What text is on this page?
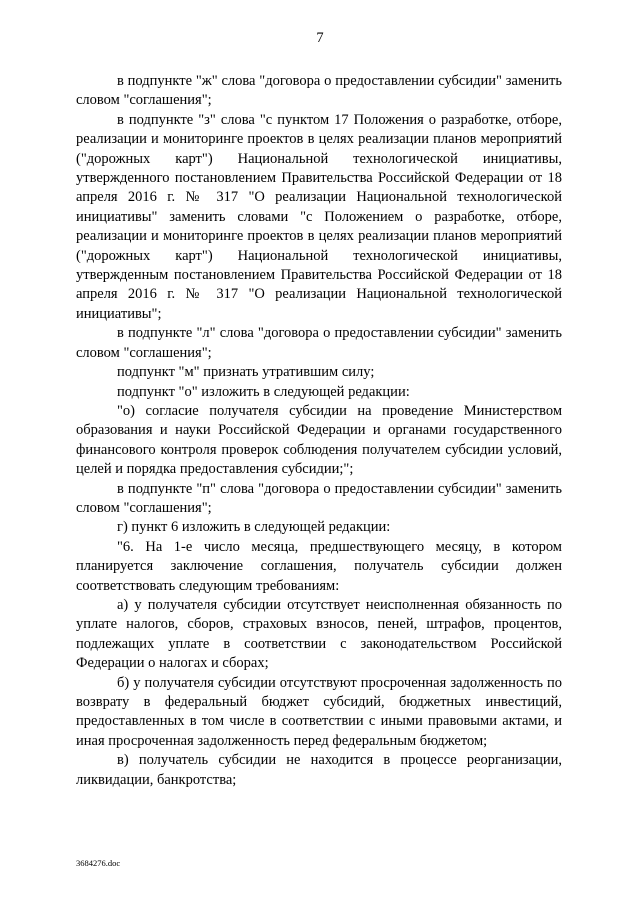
7

в подпункте "ж" слова "договора о предоставлении субсидии" заменить словом "соглашения";

в подпункте "з" слова "с пунктом 17 Положения о разработке, отборе, реализации и мониторинге проектов в целях реализации планов мероприятий ("дорожных карт") Национальной технологической инициативы, утвержденного постановлением Правительства Российской Федерации от 18 апреля 2016 г. № 317 "О реализации Национальной технологической инициативы" заменить словами "с Положением о разработке, отборе, реализации и мониторинге проектов в целях реализации планов мероприятий ("дорожных карт") Национальной технологической инициативы, утвержденным постановлением Правительства Российской Федерации от 18 апреля 2016 г. № 317 "О реализации Национальной технологической инициативы";

в подпункте "л" слова "договора о предоставлении субсидии" заменить словом "соглашения";

подпункт "м" признать утратившим силу;

подпункт "о" изложить в следующей редакции:

"о) согласие получателя субсидии на проведение Министерством образования и науки Российской Федерации и органами государственного финансового контроля проверок соблюдения получателем субсидии условий, целей и порядка предоставления субсидии;";

в подпункте "п" слова "договора о предоставлении субсидии" заменить словом "соглашения";

г) пункт 6 изложить в следующей редакции:

"6. На 1-е число месяца, предшествующего месяцу, в котором планируется заключение соглашения, получатель субсидии должен соответствовать следующим требованиям:

а) у получателя субсидии отсутствует неисполненная обязанность по уплате налогов, сборов, страховых взносов, пеней, штрафов, процентов, подлежащих уплате в соответствии с законодательством Российской Федерации о налогах и сборах;

б) у получателя субсидии отсутствуют просроченная задолженность по возврату в федеральный бюджет субсидий, бюджетных инвестиций, предоставленных в том числе в соответствии с иными правовыми актами, и иная просроченная задолженность перед федеральным бюджетом;

в) получатель субсидии не находится в процессе реорганизации, ликвидации, банкротства;

3684276.doc
